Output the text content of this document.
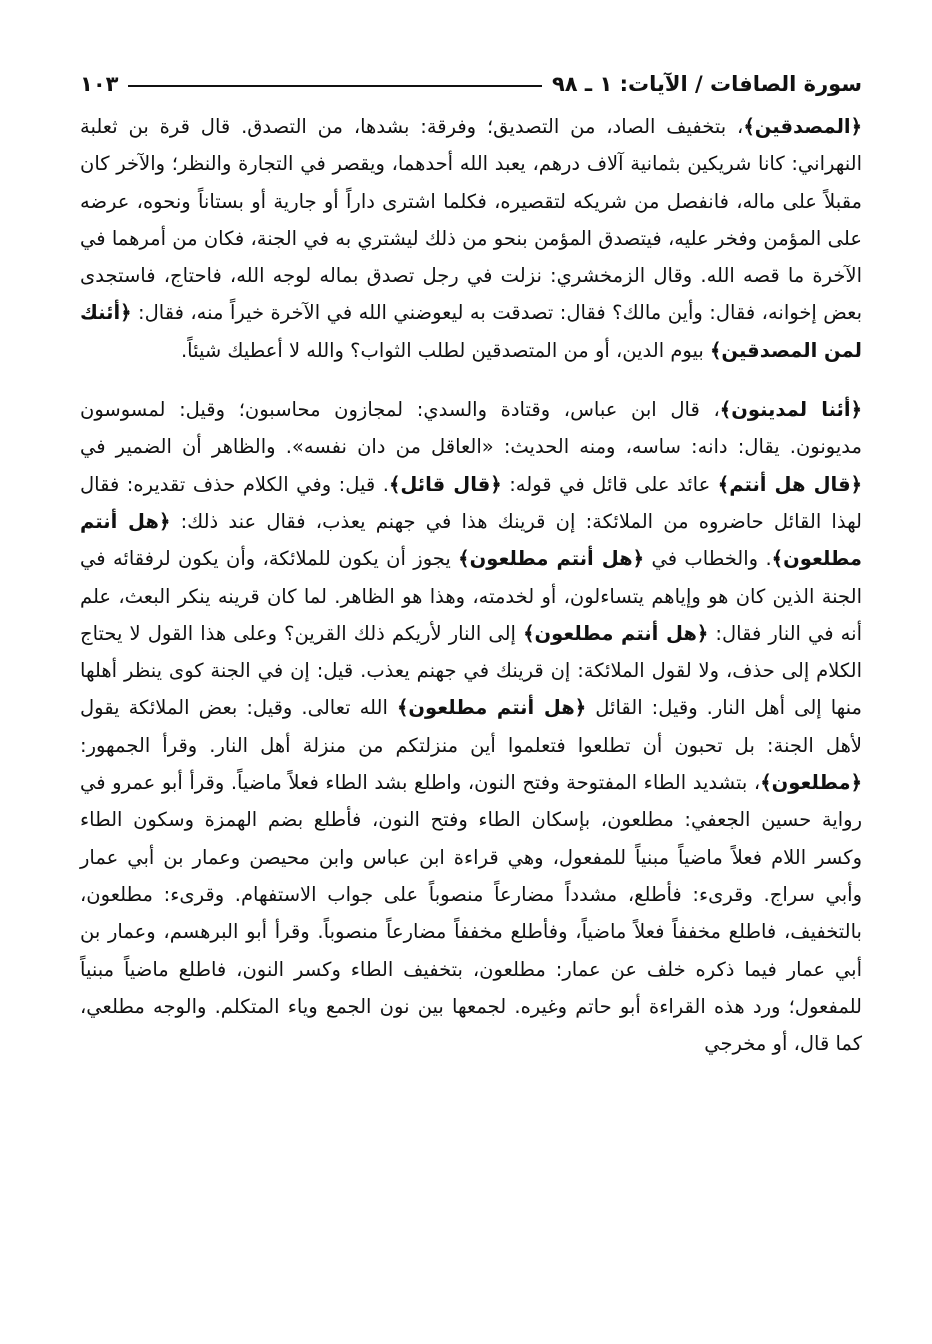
سورة الصافات / الآيات: ١ ـ ٩٨
١٠٣

﴿المصدقين﴾، بتخفيف الصاد، من التصديق؛ وفرقة: بشدها، من التصدق. قال قرة بن ثعلبة النهراني: كانا شريكين بثمانية آلاف درهم، يعبد الله أحدهما، ويقصر في التجارة والنظر؛ والآخر كان مقبلاً على ماله، فانفصل من شريكه لتقصيره، فكلما اشترى داراً أو جارية أو بستاناً ونحوه، عرضه على المؤمن وفخر عليه، فيتصدق المؤمن بنحو من ذلك ليشتري به في الجنة، فكان من أمرهما في الآخرة ما قصه الله. وقال الزمخشري: نزلت في رجل تصدق بماله لوجه الله، فاحتاج، فاستجدى بعض إخوانه، فقال: وأين مالك؟ فقال: تصدقت به ليعوضني الله في الآخرة خيراً منه، فقال: ﴿أئنك لمن المصدقين﴾ بيوم الدين، أو من المتصدقين لطلب الثواب؟ والله لا أعطيك شيئاً.

﴿أئنا لمدينون﴾، قال ابن عباس، وقتادة والسدي: لمجازون محاسبون؛ وقيل: لمسوسون مديونون. يقال: دانه: ساسه، ومنه الحديث: «العاقل من دان نفسه». والظاهر أن الضمير في ﴿قال هل أنتم﴾ عائد على قائل في قوله: ﴿قال قائل﴾. قيل: وفي الكلام حذف تقديره: فقال لهذا القائل حاضروه من الملائكة: إن قرينك هذا في جهنم يعذب، فقال عند ذلك: ﴿هل أنتم مطلعون﴾. والخطاب في ﴿هل أنتم مطلعون﴾ يجوز أن يكون للملائكة، وأن يكون لرفقائه في الجنة الذين كان هو وإياهم يتساءلون، أو لخدمته، وهذا هو الظاهر. لما كان قرينه ينكر البعث، علم أنه في النار فقال: ﴿هل أنتم مطلعون﴾ إلى النار لأريكم ذلك القرين؟ وعلى هذا القول لا يحتاج الكلام إلى حذف، ولا لقول الملائكة: إن قرينك في جهنم يعذب. قيل: إن في الجنة كوى ينظر أهلها منها إلى أهل النار. وقيل: القائل ﴿هل أنتم مطلعون﴾ الله تعالى. وقيل: بعض الملائكة يقول لأهل الجنة: بل تحبون أن تطلعوا فتعلموا أين منزلتكم من منزلة أهل النار. وقرأ الجمهور: ﴿مطلعون﴾، بتشديد الطاء المفتوحة وفتح النون، واطلع بشد الطاء فعلاً ماضياً. وقرأ أبو عمرو في رواية حسين الجعفي: مطلعون، بإسكان الطاء وفتح النون، فأطلع بضم الهمزة وسكون الطاء وكسر اللام فعلاً ماضياً مبنياً للمفعول، وهي قراءة ابن عباس وابن محيصن وعمار بن أبي عمار وأبي سراج. وقرىء: فأطلع، مشدداً مضارعاً منصوباً على جواب الاستفهام. وقرىء: مطلعون، بالتخفيف، فاطلع مخففاً فعلاً ماضياً، وفأطلع مخففاً مضارعاً منصوباً. وقرأ أبو البرهسم، وعمار بن أبي عمار فيما ذكره خلف عن عمار: مطلعون، بتخفيف الطاء وكسر النون، فاطلع ماضياً مبنياً للمفعول؛ ورد هذه القراءة أبو حاتم وغيره. لجمعها بين نون الجمع وياء المتكلم. والوجه مطلعي، كما قال، أو مخرجي
